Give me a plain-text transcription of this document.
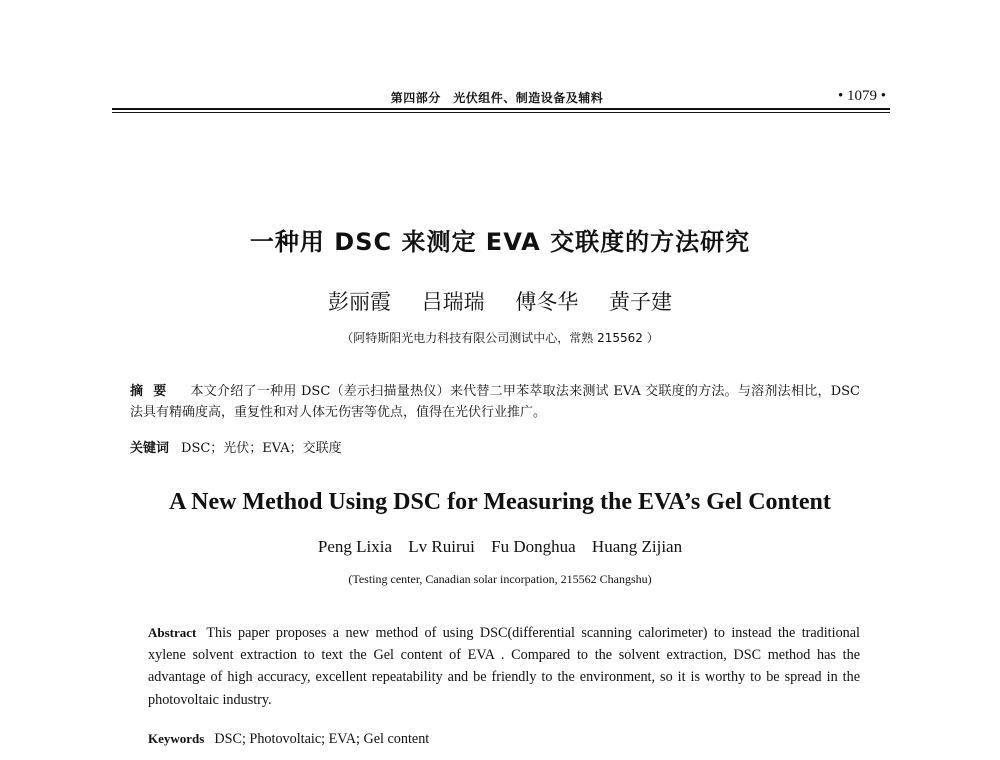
第四部分　光伏组件、制造设备及辅料	• 1079 •
一种用 DSC 来测定 EVA 交联度的方法研究
彭丽霞 吕瑞瑞 傅冬华 黄子建
（阿特斯阳光电力科技有限公司测试中心，常熟 215562 ）
摘要 本文介绍了一种用 DSC（差示扫描量热仪）来代替二甲苯萃取法来测试 EVA 交联度的方法。与溶剂法相比，DSC 法具有精确度高，重复性和对人体无伤害等优点，值得在光伏行业推广。
关键词 DSC；光伏；EVA；交联度
A New Method Using DSC for Measuring the EVA’s Gel Content
Peng Lixia Lv Ruirui Fu Donghua Huang Zijian
(Testing center, Canadian solar incorpation, 215562 Changshu)
Abstract This paper proposes a new method of using DSC(differential scanning calorimeter) to instead the traditional xylene solvent extraction to text the Gel content of EVA . Compared to the solvent extraction, DSC method has the advantage of high accuracy, excellent repeatability and be friendly to the environment, so it is worthy to be spread in the photovoltaic industry.
Keywords DSC; Photovoltaic; EVA; Gel content
